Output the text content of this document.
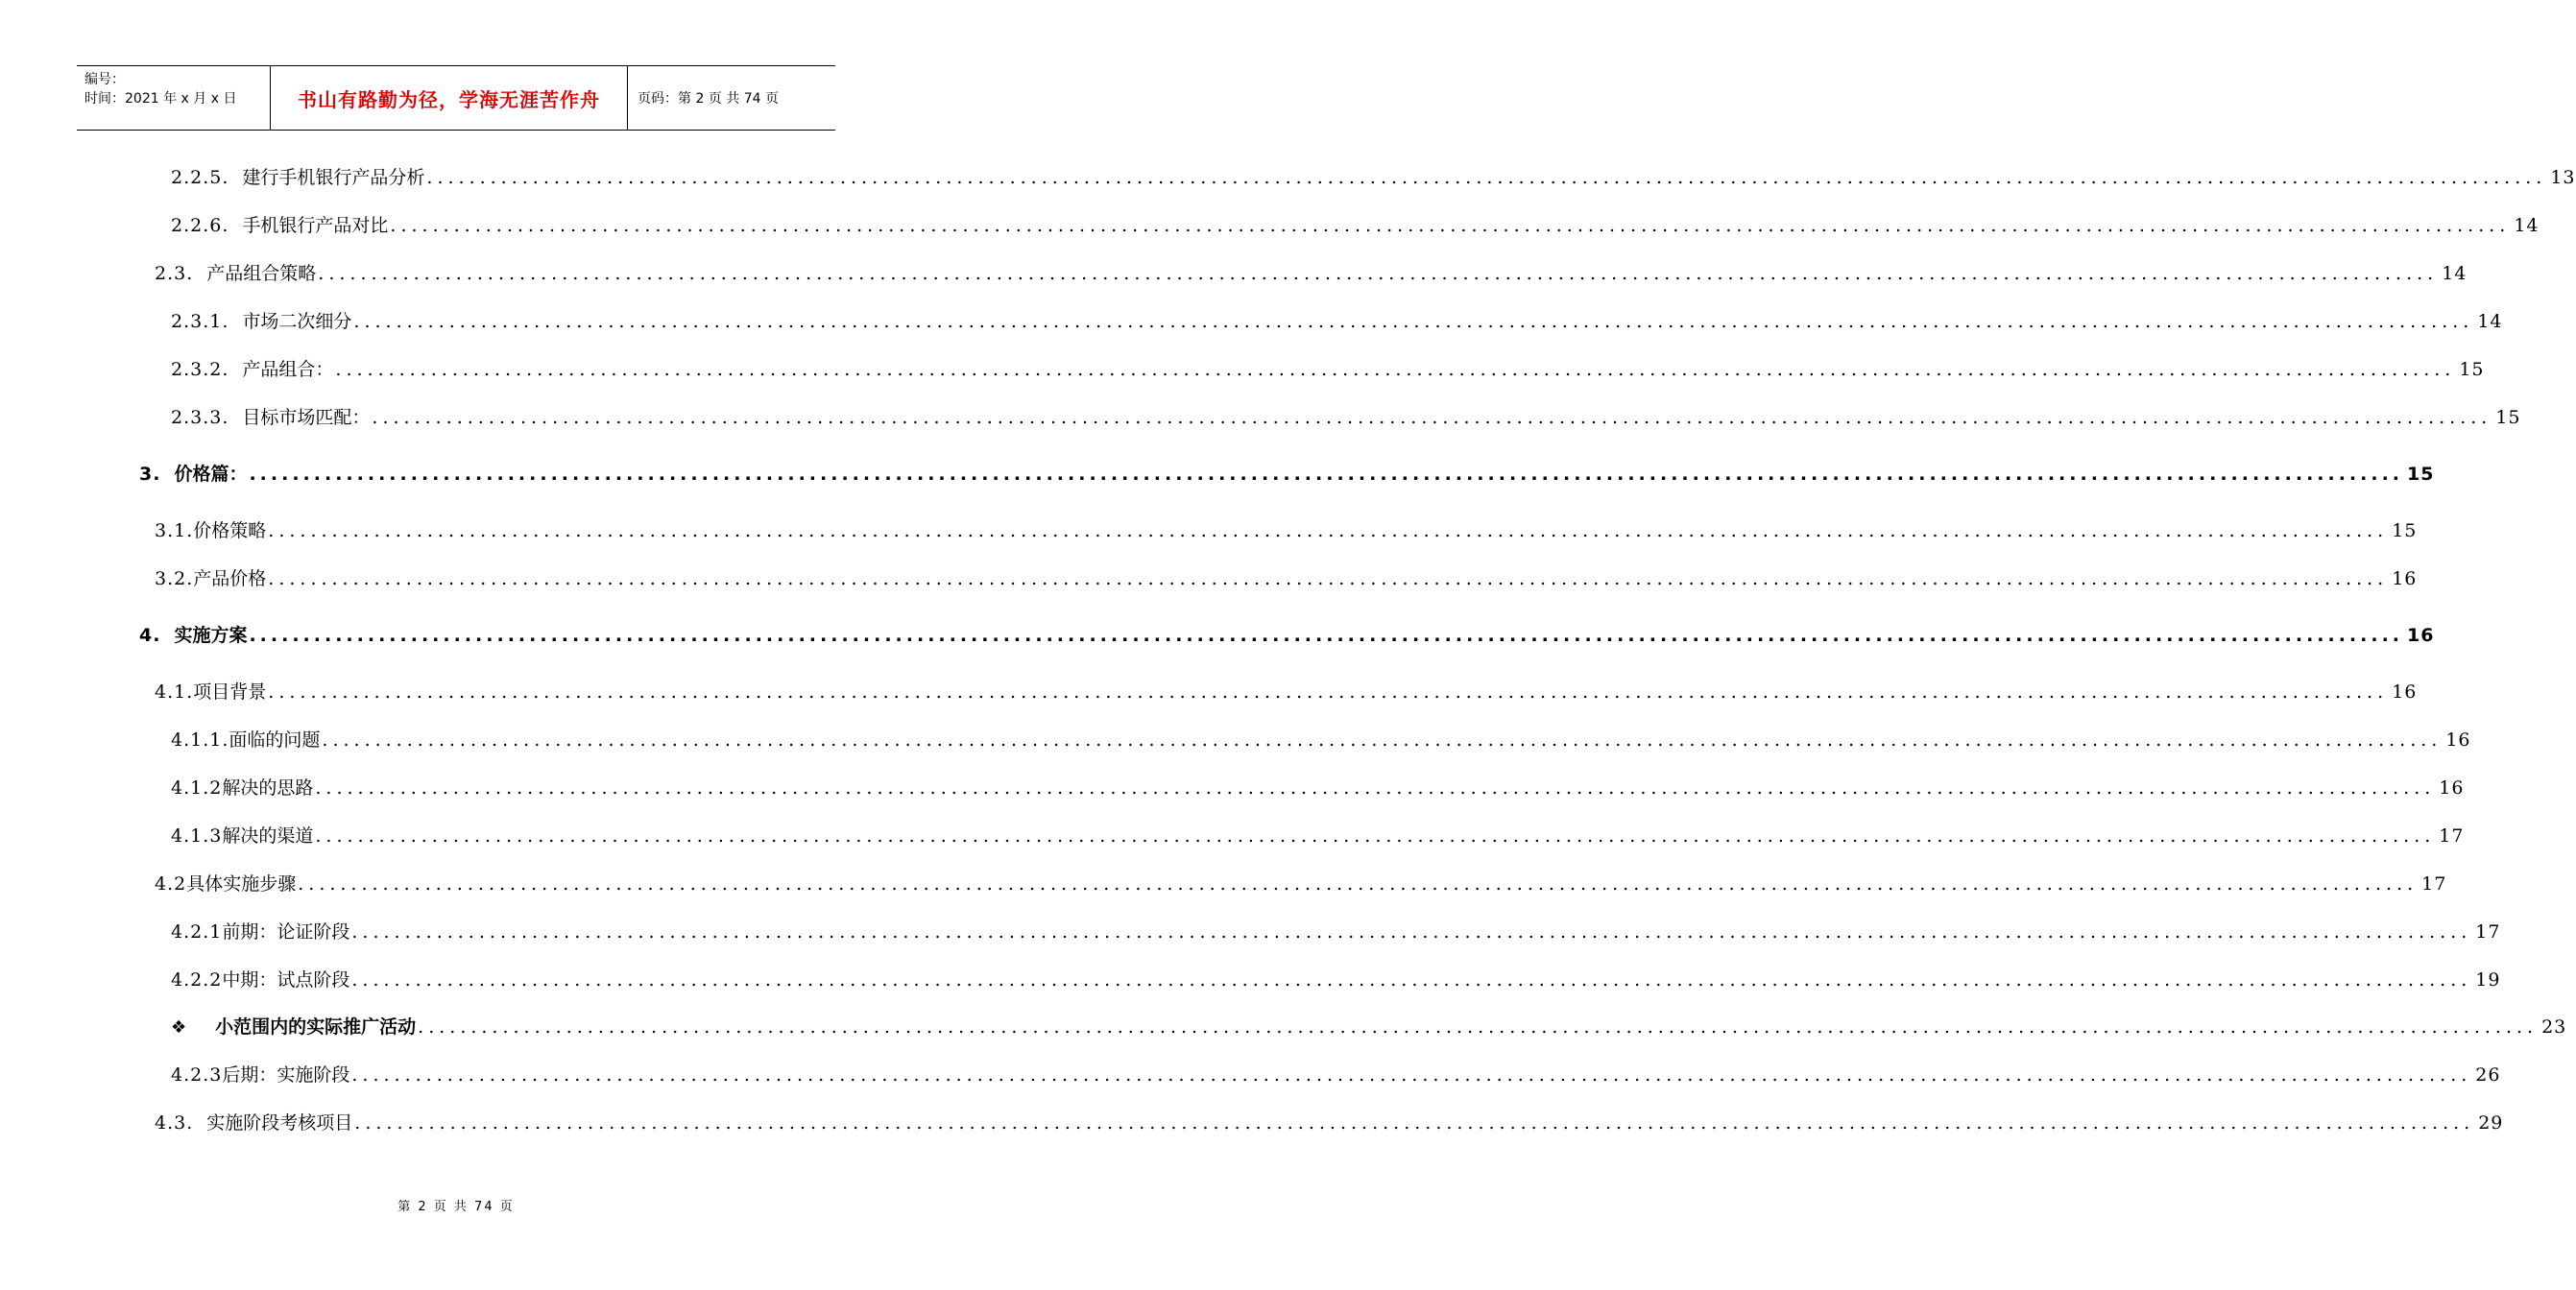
编号：
时间：2021 年 x 月 x 日	书山有路勤为径，学海无涯苦作舟	页码：第 2 页 共 74 页
2.2.5. 建行手机银行产品分析 ........................................................................................................................................................................................................ 13
2.2.6. 手机银行产品对比 ........................................................................................................................................................................................................ 14
2.3. 产品组合策略 ........................................................................................................................................................................................................ 14
2.3.1. 市场二次细分 ........................................................................................................................................................................................................ 14
2.3.2. 产品组合： ........................................................................................................................................................................................................ 15
2.3.3. 目标市场匹配： ........................................................................................................................................................................................................ 15
3. 价格篇： ........................................................................................................................................................................................................ 15
3.1. 价格策略 ........................................................................................................................................................................................................ 15
3.2. 产品价格 ........................................................................................................................................................................................................ 16
4. 实施方案 ........................................................................................................................................................................................................ 16
4.1. 项目背景 ........................................................................................................................................................................................................ 16
4.1.1. 面临的问题 ........................................................................................................................................................................................................ 16
4.1.2 解决的思路 ........................................................................................................................................................................................................ 16
4.1.3 解决的渠道 ........................................................................................................................................................................................................ 17
4.2 具体实施步骤 ........................................................................................................................................................................................................ 17
4.2.1 前期：论证阶段 ........................................................................................................................................................................................................ 17
4.2.2 中期：试点阶段 ........................................................................................................................................................................................................ 19
❖ 小范围内的实际推广活动 ........................................................................................................................................................................................................ 23
4.2.3 后期：实施阶段 ........................................................................................................................................................................................................ 26
4.3. 实施阶段考核项目 ........................................................................................................................................................................................................ 29
第 2 页 共 74 页
